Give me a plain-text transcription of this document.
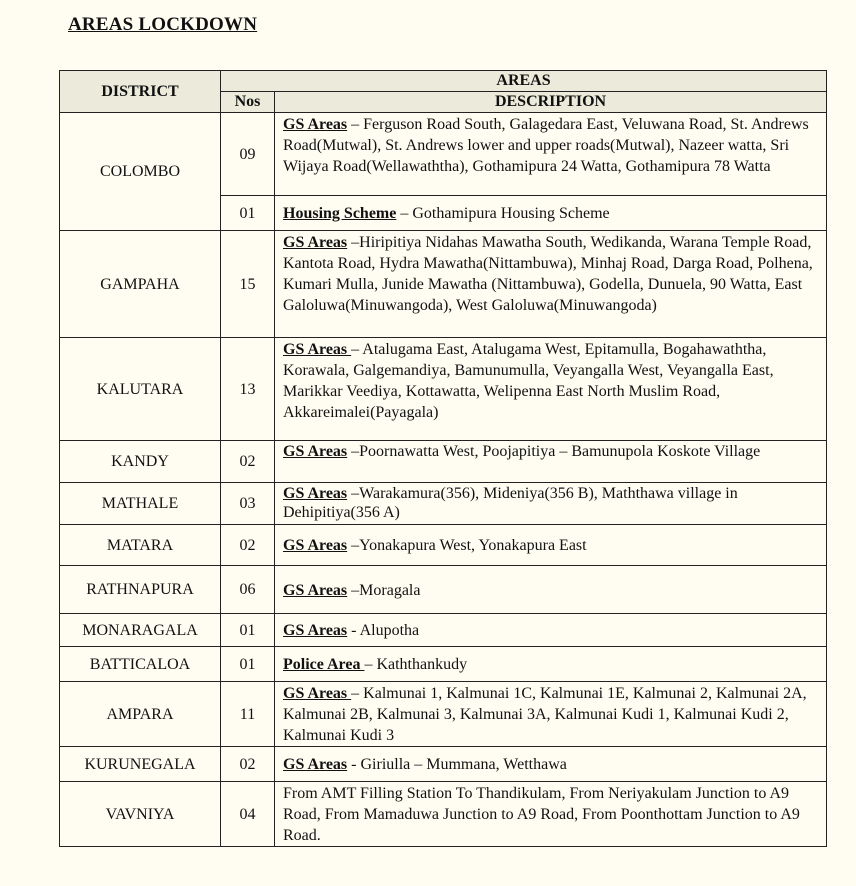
AREAS LOCKDOWN
DISTRICT	AREAS	
	Nos	DESCRIPTION
COLOMBO	09	GS Areas – Ferguson Road South, Galagedara East, Veluwana Road, St. Andrews Road(Mutwal), St. Andrews lower and upper roads(Mutwal), Nazeer watta, Sri Wijaya Road(Wellawaththa), Gothamipura 24 Watta, Gothamipura 78 Watta
	01	Housing Scheme – Gothamipura Housing Scheme
GAMPAHA	15	GS Areas –Hiripitiya Nidahas Mawatha South, Wedikanda, Warana Temple Road, Kantota Road, Hydra Mawatha(Nittambuwa), Minhaj Road, Darga Road, Polhena, Kumari Mulla, Junide Mawatha (Nittambuwa), Godella, Dunuela, 90 Watta, East Galoluwa(Minuwangoda), West Galoluwa(Minuwangoda)
KALUTARA	13	GS Areas – Atalugama East, Atalugama West, Epitamulla, Bogahawaththa, Korawala, Galgemandiya, Bamunumulla, Veyangalla West, Veyangalla East, Marikkar Veediya, Kottawatta, Welipenna East North Muslim Road, Akkareimalei(Payagala)
KANDY	02	GS Areas –Poornawatta West, Poojapitiya – Bamunupola Koskote Village
MATHALE	03	GS Areas –Warakamura(356), Mideniya(356 B), Maththawa village in Dehipitiya(356 A)
MATARA	02	GS Areas –Yonakapura West, Yonakapura East
RATHNAPURA	06	GS Areas –Moragala
MONARAGALA	01	GS Areas - Alupotha
BATTICALOA	01	Police Area – Kaththankudy
AMPARA	11	GS Areas – Kalmunai 1, Kalmunai 1C, Kalmunai 1E, Kalmunai 2, Kalmunai 2A, Kalmunai 2B, Kalmunai 3, Kalmunai 3A, Kalmunai Kudi 1, Kalmunai Kudi 2, Kalmunai Kudi 3
KURUNEGALA	02	GS Areas - Giriulla – Mummana, Wetthawa
VAVNIYA	04	From AMT Filling Station To Thandikulam, From Neriyakulam Junction to A9 Road, From Mamaduwa Junction to A9 Road, From Poonthottam Junction to A9 Road.
